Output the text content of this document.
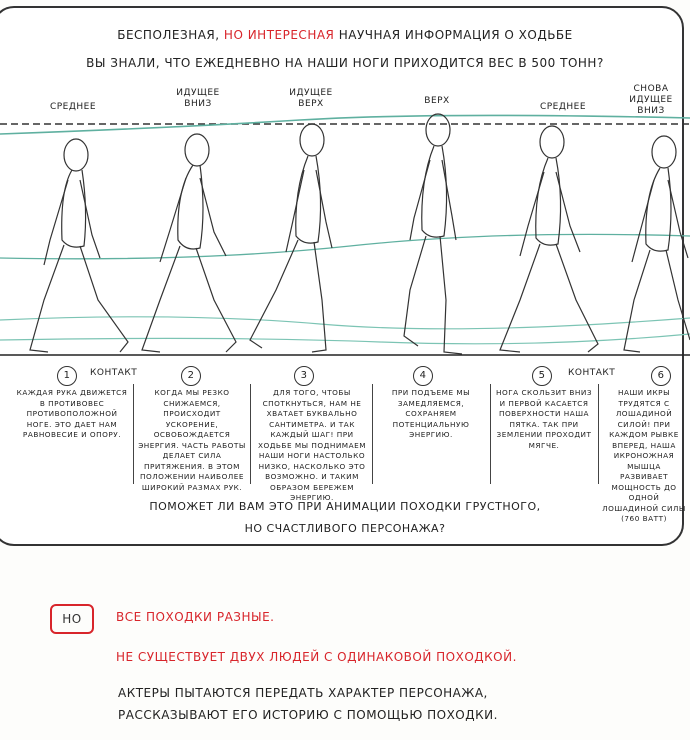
БЕСПОЛЕЗНАЯ, НО ИНТЕРЕСНАЯ НАУЧНАЯ ИНФОРМАЦИЯ О ХОДЬБЕ
ВЫ ЗНАЛИ, ЧТО ЕЖЕДНЕВНО НА НАШИ НОГИ ПРИХОДИТСЯ ВЕС В 500 ТОНН?
СРЕДНЕЕ
ИДУЩЕЕ ВНИЗ
ИДУЩЕЕ ВЕРХ	ВЕРХ
СРЕДНЕЕ
СНОВА ИДУЩЕЕ ВНИЗ
1	2	3	4	5	6
КОНТАКТ	КОНТАКТ
КАЖДАЯ РУКА ДВИЖЕТСЯ В ПРОТИВОВЕС ПРОТИВОПОЛОЖНОЙ НОГЕ. ЭТО ДАЕТ НАМ РАВНОВЕСИЕ И ОПОРУ.
КОГДА МЫ РЕЗКО СНИЖАЕМСЯ, ПРОИСХОДИТ УСКОРЕНИЕ, ОСВОБОЖДАЕТСЯ ЭНЕРГИЯ. ЧАСТЬ РАБОТЫ ДЕЛАЕТ СИЛА ПРИТЯЖЕНИЯ. В ЭТОМ ПОЛОЖЕНИИ НАИБОЛЕЕ ШИРОКИЙ РАЗМАХ РУК.
ДЛЯ ТОГО, ЧТОБЫ СПОТКНУТЬСЯ, НАМ НЕ ХВАТАЕТ БУКВАЛЬНО САНТИМЕТРА. И ТАК КАЖДЫЙ ШАГ! ПРИ ХОДЬБЕ МЫ ПОДНИМАЕМ НАШИ НОГИ НАСТОЛЬКО НИЗКО, НАСКОЛЬКО ЭТО ВОЗМОЖНО. И ТАКИМ ОБРАЗОМ БЕРЕЖЕМ ЭНЕРГИЮ.
ПРИ ПОДЪЕМЕ МЫ ЗАМЕДЛЯЕМСЯ, СОХРАНЯЕМ ПОТЕНЦИАЛЬНУЮ ЭНЕРГИЮ.
НОГА СКОЛЬЗИТ ВНИЗ И ПЕРВОЙ КАСАЕТСЯ ПОВЕРХНОСТИ НАША ПЯТКА. ТАК ПРИ ЗЕМЛЕНИИ ПРОХОДИТ МЯГЧЕ.
НАШИ ИКРЫ ТРУДЯТСЯ С ЛОШАДИНОЙ СИЛОЙ! ПРИ КАЖДОМ РЫВКЕ ВПЕРЕД, НАША ИКРОНОЖНАЯ МЫШЦА РАЗВИВАЕТ МОЩНОСТЬ ДО ОДНОЙ ЛОШАДИНОЙ СИЛЫ (760 ВАТТ)
ПОМОЖЕТ ЛИ ВАМ ЭТО ПРИ АНИМАЦИИ ПОХОДКИ ГРУСТНОГО,
НО СЧАСТЛИВОГО ПЕРСОНАЖА?
НО	ВСЕ ПОХОДКИ РАЗНЫЕ.
НЕ СУЩЕСТВУЕТ ДВУХ ЛЮДЕЙ С ОДИНАКОВОЙ ПОХОДКОЙ.
АКТЕРЫ ПЫТАЮТСЯ ПЕРЕДАТЬ ХАРАКТЕР ПЕРСОНАЖА,
РАССКАЗЫВАЮТ ЕГО ИСТОРИЮ С ПОМОЩЬЮ ПОХОДКИ.
